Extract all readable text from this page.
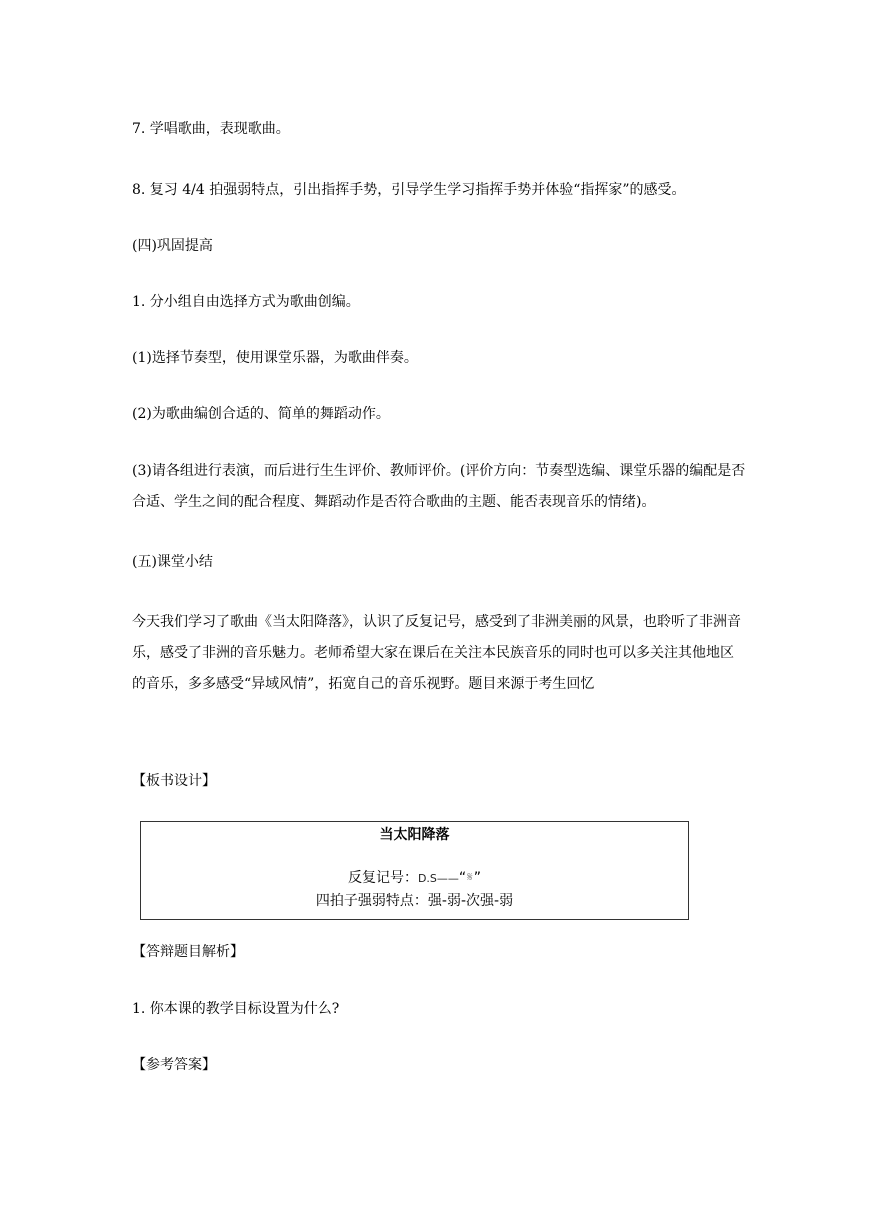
7. 学唱歌曲，表现歌曲。

8. 复习 4/4 拍强弱特点，引出指挥手势，引导学生学习指挥手势并体验“指挥家”的感受。

(四)巩固提高

1. 分小组自由选择方式为歌曲创编。

(1)选择节奏型，使用课堂乐器，为歌曲伴奏。

(2)为歌曲编创合适的、简单的舞蹈动作。

(3)请各组进行表演，而后进行生生评价、教师评价。(评价方向：节奏型选编、课堂乐器的编配是否合适、学生之间的配合程度、舞蹈动作是否符合歌曲的主题、能否表现音乐的情绪)。

(五)课堂小结

今天我们学习了歌曲《当太阳降落》，认识了反复记号，感受到了非洲美丽的风景，也聆听了非洲音乐，感受了非洲的音乐魅力。老师希望大家在课后在关注本民族音乐的同时也可以多关注其他地区的音乐，多多感受“异域风情”，拓宽自己的音乐视野。题目来源于考生回忆

【板书设计】

当太阳降落
反复记号：D.S——“𝄋”
四拍子强弱特点：强-弱-次强-弱

【答辩题目解析】

1. 你本课的教学目标设置为什么?

【参考答案】
